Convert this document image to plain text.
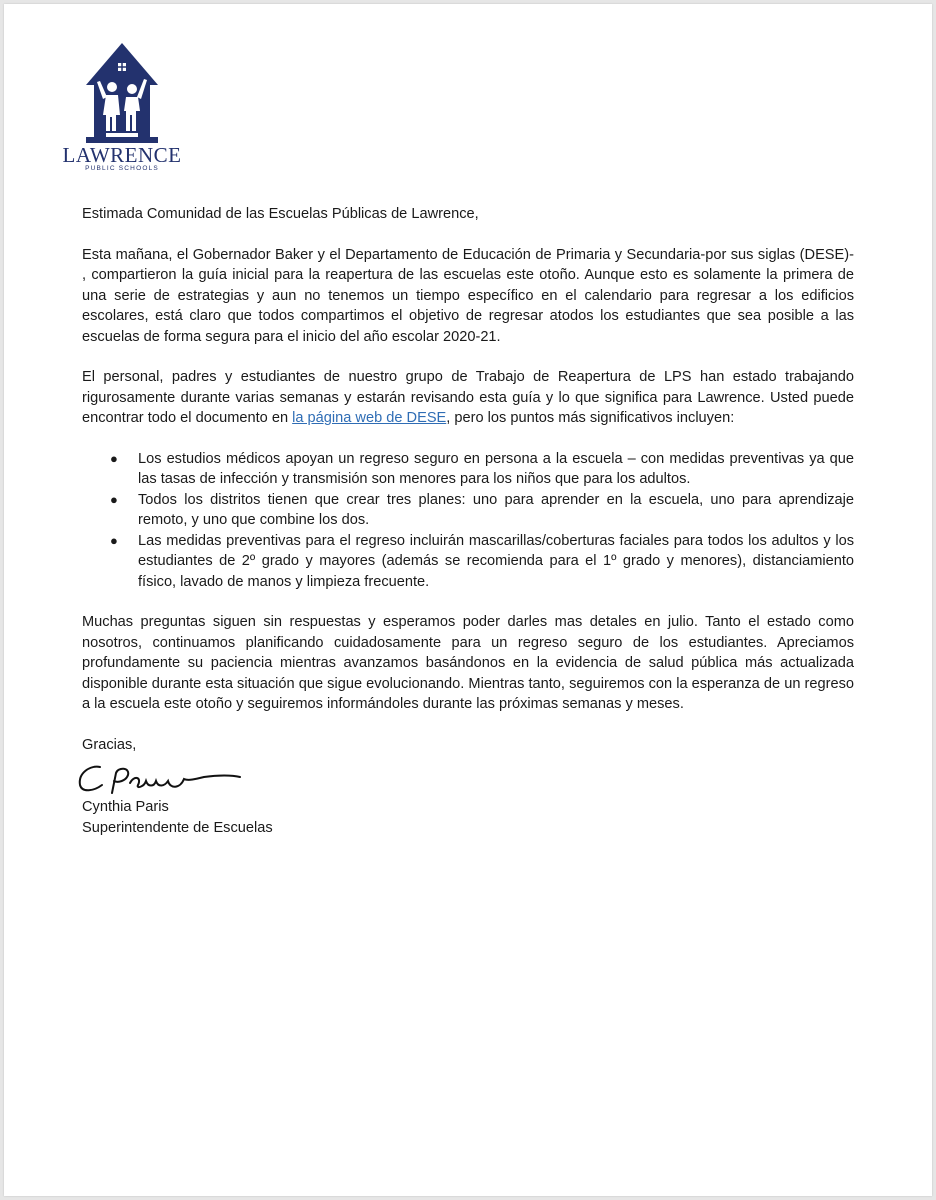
LAWRENCE
PUBLIC SCHOOLS

Estimada Comunidad de las Escuelas Públicas de Lawrence,

Esta mañana, el Gobernador Baker y el Departamento de Educación de Primaria y Secundaria-por sus siglas (DESE)- , compartieron la guía inicial para la reapertura de las escuelas este otoño. Aunque esto es solamente la primera de una serie de estrategias y aun no tenemos un tiempo específico en el calendario para regresar a los edificios escolares, está claro que todos compartimos el objetivo de regresar atodos los estudiantes que sea posible a las escuelas de forma segura para el inicio del año escolar 2020-21.

El personal, padres y estudiantes de nuestro grupo de Trabajo de Reapertura de LPS han estado trabajando rigurosamente durante varias semanas y estarán revisando esta guía y lo que significa para Lawrence. Usted puede encontrar todo el documento en la página web de DESE, pero los puntos más significativos incluyen:

● Los estudios médicos apoyan un regreso seguro en persona a la escuela – con medidas preventivas ya que las tasas de infección y transmisión son menores para los niños que para los adultos.
● Todos los distritos tienen que crear tres planes: uno para aprender en la escuela, uno para aprendizaje remoto, y uno que combine los dos.
● Las medidas preventivas para el regreso incluirán mascarillas/coberturas faciales para todos los adultos y los estudiantes de 2º grado y mayores (además se recomienda para el 1º grado y menores), distanciamiento físico, lavado de manos y limpieza frecuente.

Muchas preguntas siguen sin respuestas y esperamos poder darles mas detales en julio. Tanto el estado como nosotros, continuamos planificando cuidadosamente para un regreso seguro de los estudiantes. Apreciamos profundamente su paciencia mientras avanzamos basándonos en la evidencia de salud pública más actualizada disponible durante esta situación que sigue evolucionando. Mientras tanto, seguiremos con la esperanza de un regreso a la escuela este otoño y seguiremos informándoles durante las próximas semanas y meses.

Gracias,

Cynthia Paris

Superintendente de Escuelas
